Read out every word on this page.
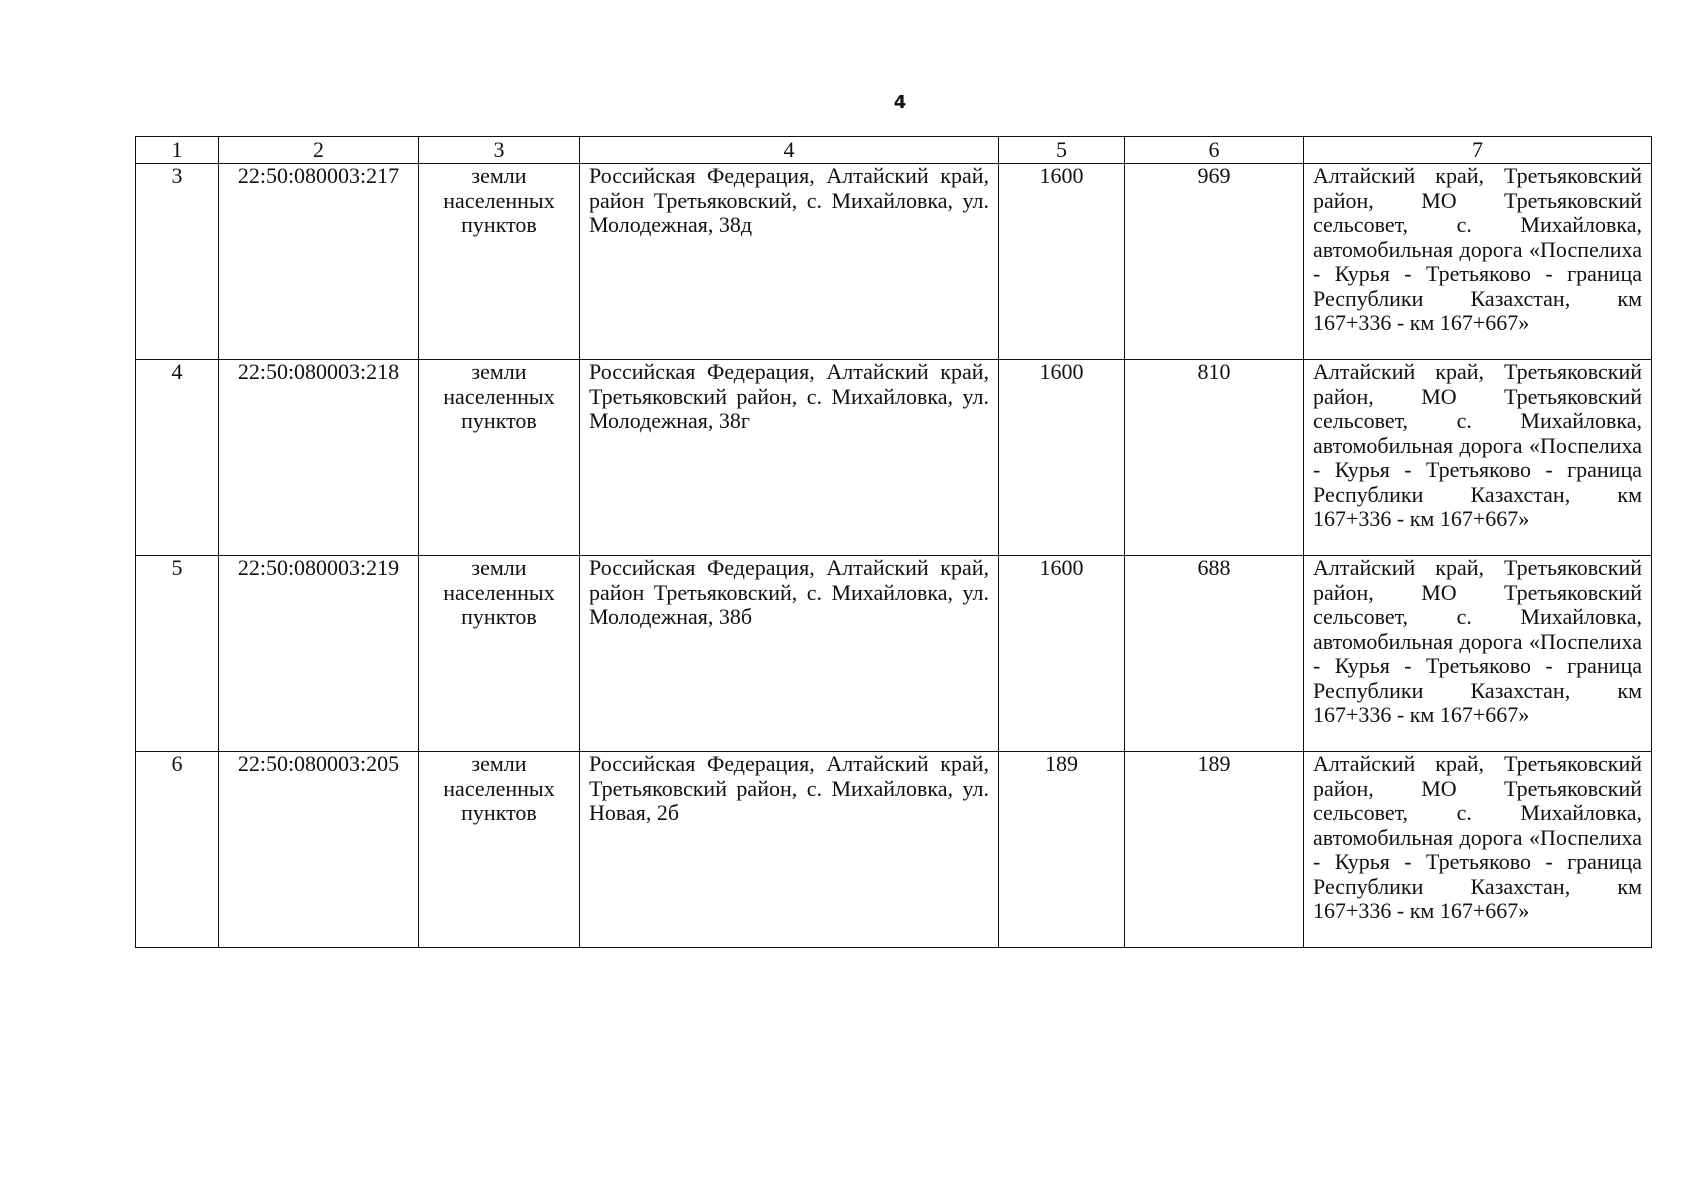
4
1	2	3	4	5	6	7
3	22:50:080003:217	земли населенных пунктов	Российская Федерация, Алтайский край, район Третьяковский, с. Михайловка, ул. Молодежная, 38д	1600	969	Алтайский край, Третьяковский район, МО Третьяковский сельсовет, с. Михайловка, автомобильная дорога «Поспелиха - Курья - Третьяково - граница Республики Казахстан, км 167+336 - км 167+667»
4	22:50:080003:218	земли населенных пунктов	Российская Федерация, Алтайский край, Третьяковский район, с. Михайловка, ул. Молодежная, 38г	1600	810	Алтайский край, Третьяковский район, МО Третьяковский сельсовет, с. Михайловка, автомобильная дорога «Поспелиха - Курья - Третьяково - граница Республики Казахстан, км 167+336 - км 167+667»
5	22:50:080003:219	земли населенных пунктов	Российская Федерация, Алтайский край, район Третьяковский, с. Михайловка, ул. Молодежная, 38б	1600	688	Алтайский край, Третьяковский район, МО Третьяковский сельсовет, с. Михайловка, автомобильная дорога «Поспелиха - Курья - Третьяково - граница Республики Казахстан, км 167+336 - км 167+667»
6	22:50:080003:205	земли населенных пунктов	Российская Федерация, Алтайский край, Третьяковский район, с. Михайловка, ул. Новая, 2б	189	189	Алтайский край, Третьяковский район, МО Третьяковский сельсовет, с. Михайловка, автомобильная дорога «Поспелиха - Курья - Третьяково - граница Республики Казахстан, км 167+336 - км 167+667»
